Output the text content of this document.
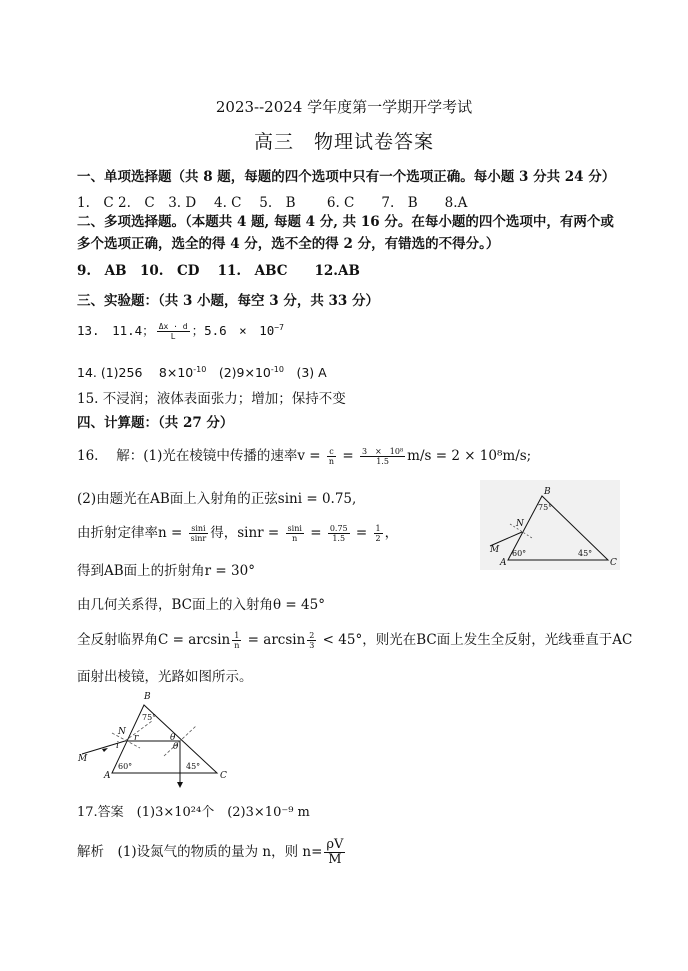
2023--2024 学年度第一学期开学考试
高三　物理试卷答案
一、单项选择题（共 8 题，每题的四个选项中只有一个选项正确。每小题 3 分共 24 分）
1.　C 2.　C　3. D　 4. C　 5.　B　　 6. C　　7.　B　　8.A
二、多项选择题。（本题共 4 题, 每题 4 分, 共 16 分。在每小题的四个选项中，有两个或
多个选项正确，选全的得 4 分，选不全的得 2 分，有错选的不得分。）
9.　AB　10.　CD　 11.　ABC　　12.AB
三、实验题：（共 3 小题，每空 3 分，共 33 分）
13.　11.4； $\frac{\Delta x \cdot d}{L}$ ；5.6　×　$10^{-7}$
14. (1)256　 $8\times 10^{-10}$　$(2)9\times 10^{-10}$　(3) A
15. 不浸润；液体表面张力；增加；保持不变
四、计算题：（共 27 分）
16.　 解：(1)光在棱镜中传播的速率$v = \frac{c}{n} = \frac{\text{3　×　10⁸}}{1.5} m/s = 2 \times 10^8m/s$;
(2)由题光在AB面上入射角的正弦sini = 0.75,
由折射定律率$n = \frac{\sin i}{\sin r}$ 得，$\sin r = \frac{\sin i}{n} = \frac{0.75}{1.5} = \frac{1}{2}$ ，
得到AB面上的折射角r = 30°
由几何关系得，BC面上的入射角θ = 45°
全反射临界角$C = \arcsin \frac{1}{n} = \arcsin \frac{2}{3} < 45^\circ$，则光在BC面上发生全反射，光线垂直于AC
面射出棱镜，光路如图所示。
B
A	C
M
N
75°
60°	45°
B
A	C
M
N
i
r	θ
θ
75°
60°	45°
17.答案　(1)3×10²⁴个　(2)3×10⁻⁹ m
解析　(1)设氮气的物质的量为 n，则 $n= \frac{\rho V}{M}$
